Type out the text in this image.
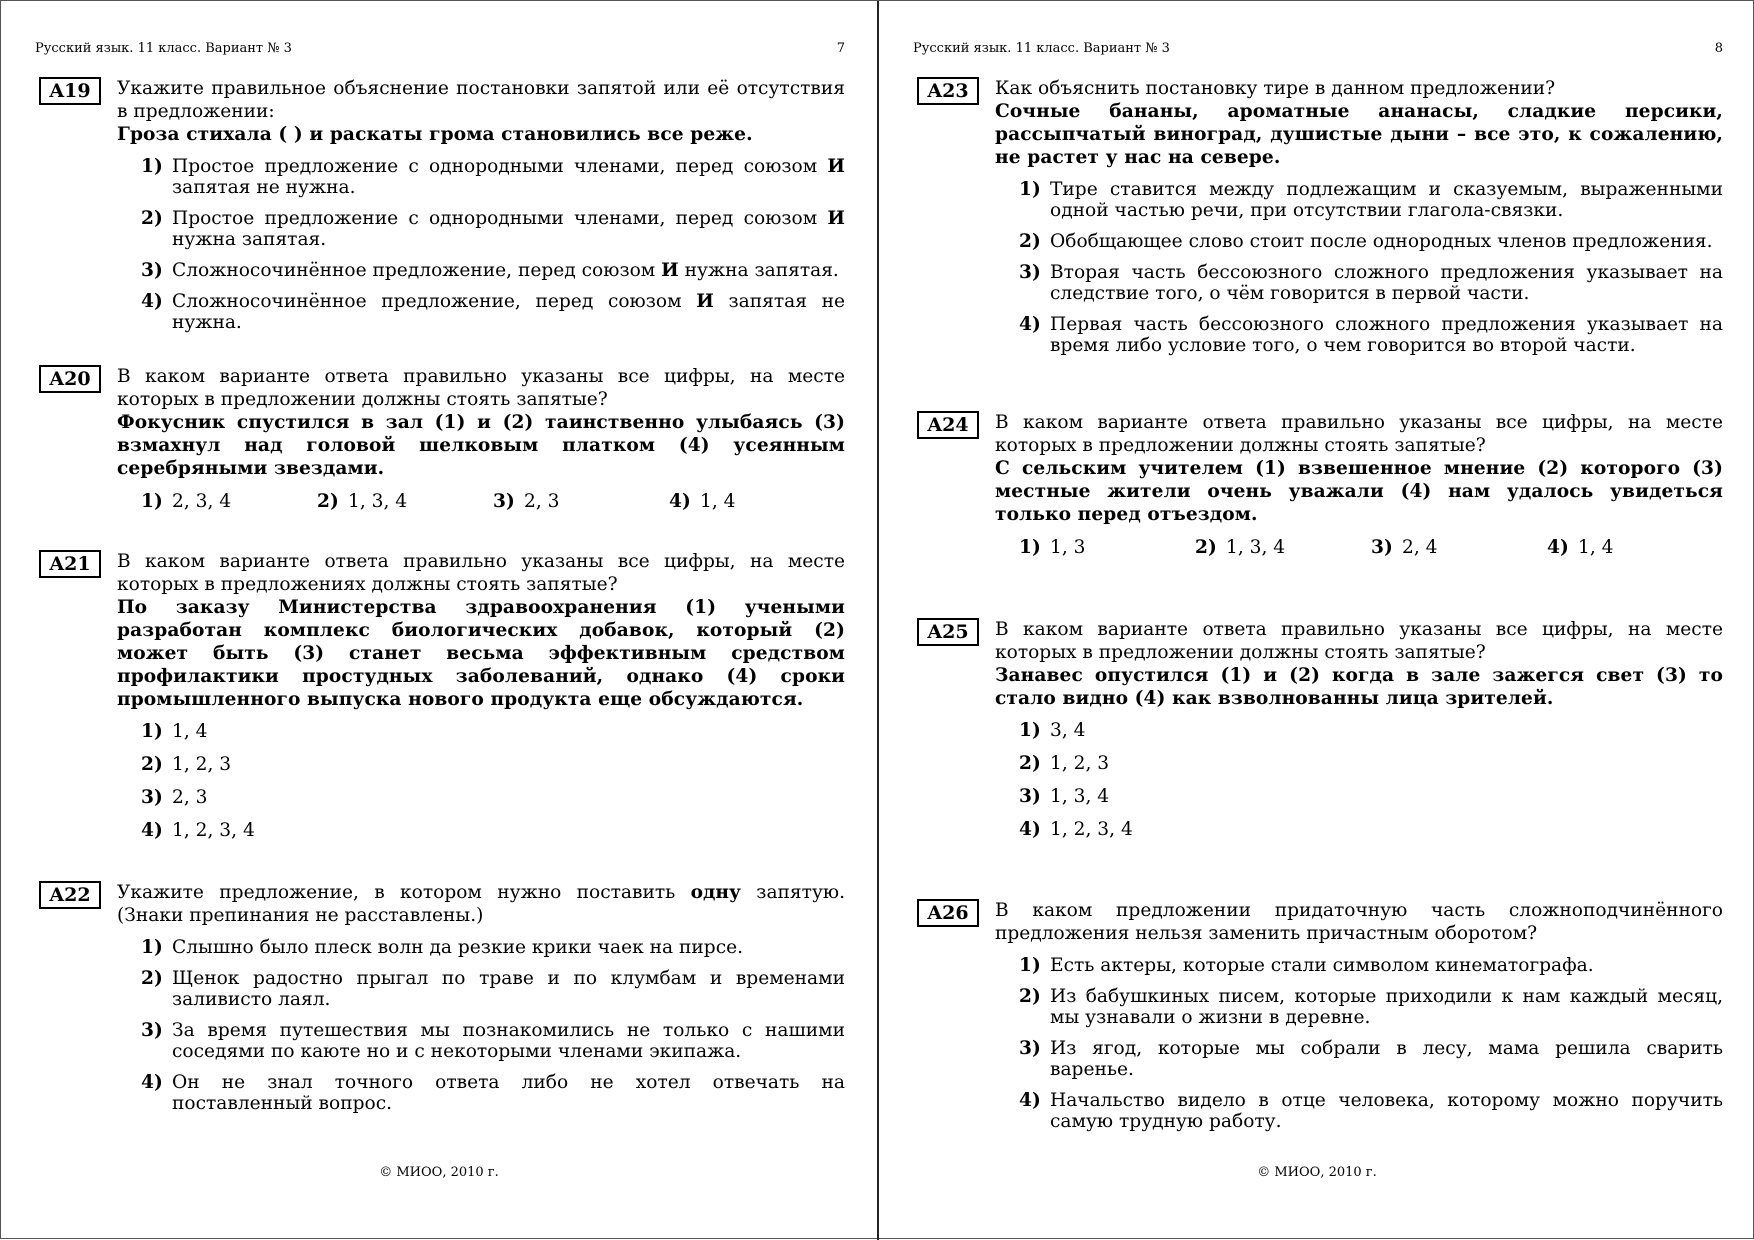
Русский язык. 11 класс. Вариант № 3	7
A19	Укажите правильное объяснение постановки запятой или её отсутствия в предложении:
Гроза стихала ( ) и раскаты грома становились все реже.
1) Простое предложение с однородными членами, перед союзом И запятая не нужна.
2) Простое предложение с однородными членами, перед союзом И нужна запятая.
3) Сложносочинённое предложение, перед союзом И нужна запятая.
4) Сложносочинённое предложение, перед союзом И запятая не нужна.
A20	В каком варианте ответа правильно указаны все цифры, на месте которых в предложении должны стоять запятые?
Фокусник спустился в зал (1) и (2) таинственно улыбаясь (3) взмахнул над головой шелковым платком (4) усеянным серебряными звездами.
1) 2, 3, 4	2) 1, 3, 4	3) 2, 3	4) 1, 4
A21	В каком варианте ответа правильно указаны все цифры, на месте которых в предложениях должны стоять запятые?
По заказу Министерства здравоохранения (1) учеными разработан комплекс биологических добавок, который (2) может быть (3) станет весьма эффективным средством профилактики простудных заболеваний, однако (4) сроки промышленного выпуска нового продукта еще обсуждаются.
1) 1, 4
2) 1, 2, 3
3) 2, 3
4) 1, 2, 3, 4
A22	Укажите предложение, в котором нужно поставить одну запятую. (Знаки препинания не расставлены.)
1) Слышно было плеск волн да резкие крики чаек на пирсе.
2) Щенок радостно прыгал по траве и по клумбам и временами заливисто лаял.
3) За время путешествия мы познакомились не только с нашими соседями по каюте но и с некоторыми членами экипажа.
4) Он не знал точного ответа либо не хотел отвечать на поставленный вопрос.
© МИОО, 2010 г.
Русский язык. 11 класс. Вариант № 3	8
A23	Как объяснить постановку тире в данном предложении?
Сочные бананы, ароматные ананасы, сладкие персики, рассыпчатый виноград, душистые дыни – все это, к сожалению, не растет у нас на севере.
1) Тире ставится между подлежащим и сказуемым, выраженными одной частью речи, при отсутствии глагола-связки.
2) Обобщающее слово стоит после однородных членов предложения.
3) Вторая часть бессоюзного сложного предложения указывает на следствие того, о чём говорится в первой части.
4) Первая часть бессоюзного сложного предложения указывает на время либо условие того, о чем говорится во второй части.
A24	В каком варианте ответа правильно указаны все цифры, на месте которых в предложении должны стоять запятые?
С сельским учителем (1) взвешенное мнение (2) которого (3) местные жители очень уважали (4) нам удалось увидеться только перед отъездом.
1) 1, 3	2) 1, 3, 4	3) 2, 4	4) 1, 4
A25	В каком варианте ответа правильно указаны все цифры, на месте которых в предложении должны стоять запятые?
Занавес опустился (1) и (2) когда в зале зажегся свет (3) то стало видно (4) как взволнованны лица зрителей.
1) 3, 4
2) 1, 2, 3
3) 1, 3, 4
4) 1, 2, 3, 4
A26	В каком предложении придаточную часть сложноподчинённого предложения нельзя заменить причастным оборотом?
1) Есть актеры, которые стали символом кинематографа.
2) Из бабушкиных писем, которые приходили к нам каждый месяц, мы узнавали о жизни в деревне.
3) Из ягод, которые мы собрали в лесу, мама решила сварить варенье.
4) Начальство видело в отце человека, которому можно поручить самую трудную работу.
© МИОО, 2010 г.
